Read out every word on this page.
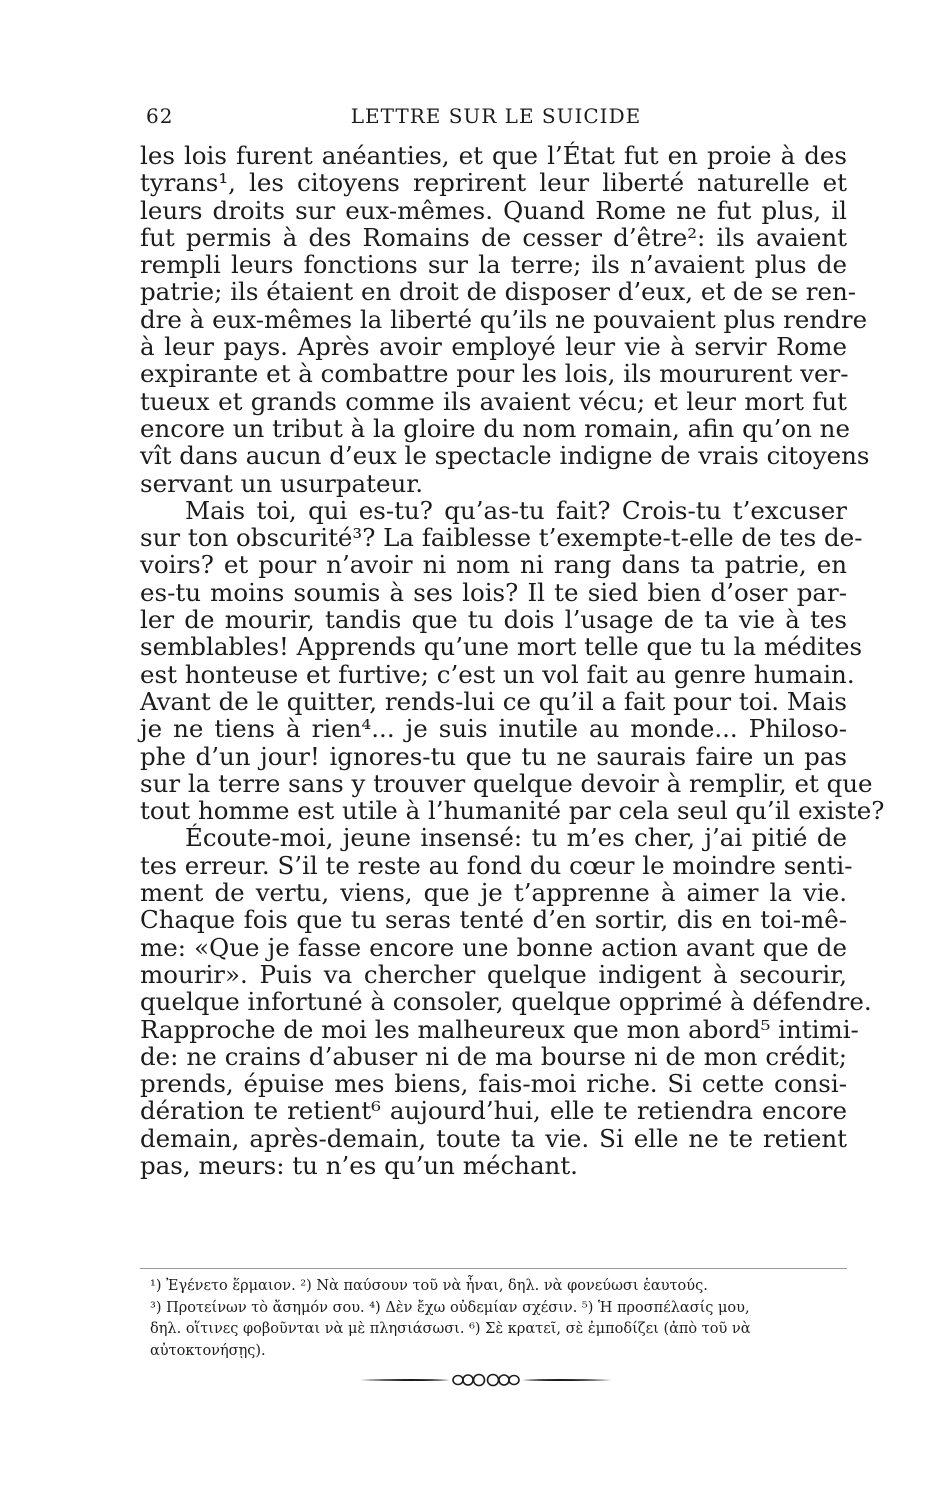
62	LETTRE SUR LE SUICIDE
les lois furent anéanties, et que l’État fut en proie à des
tyrans¹, les citoyens reprirent leur liberté naturelle et
leurs droits sur eux-mêmes. Quand Rome ne fut plus, il
fut permis à des Romains de cesser d’être²: ils avaient
rempli leurs fonctions sur la terre; ils n’avaient plus de
patrie; ils étaient en droit de disposer d’eux, et de se ren-
dre à eux-mêmes la liberté qu’ils ne pouvaient plus rendre
à leur pays. Après avoir employé leur vie à servir Rome
expirante et à combattre pour les lois, ils moururent ver-
tueux et grands comme ils avaient vécu; et leur mort fut
encore un tribut à la gloire du nom romain, afin qu’on ne
vît dans aucun d’eux le spectacle indigne de vrais citoyens
servant un usurpateur.
Mais toi, qui es-tu? qu’as-tu fait? Crois-tu t’excuser
sur ton obscurité³? La faiblesse t’exempte-t-elle de tes de-
voirs? et pour n’avoir ni nom ni rang dans ta patrie, en
es-tu moins soumis à ses lois? Il te sied bien d’oser par-
ler de mourir, tandis que tu dois l’usage de ta vie à tes
semblables! Apprends qu’une mort telle que tu la médites
est honteuse et furtive; c’est un vol fait au genre humain.
Avant de le quitter, rends-lui ce qu’il a fait pour toi. Mais
je ne tiens à rien⁴... je suis inutile au monde... Philoso-
phe d’un jour! ignores-tu que tu ne saurais faire un pas
sur la terre sans y trouver quelque devoir à remplir, et que
tout homme est utile à l’humanité par cela seul qu’il existe?
Écoute-moi, jeune insensé: tu m’es cher, j’ai pitié de
tes erreur. S’il te reste au fond du cœur le moindre senti-
ment de vertu, viens, que je t’apprenne à aimer la vie.
Chaque fois que tu seras tenté d’en sortir, dis en toi-mê-
me: «Que je fasse encore une bonne action avant que de
mourir». Puis va chercher quelque indigent à secourir,
quelque infortuné à consoler, quelque opprimé à défendre.
Rapproche de moi les malheureux que mon abord⁵ intimi-
de: ne crains d’abuser ni de ma bourse ni de mon crédit;
prends, épuise mes biens, fais-moi riche. Si cette consi-
dération te retient⁶ aujourd’hui, elle te retiendra encore
demain, après-demain, toute ta vie. Si elle ne te retient
pas, meurs: tu n’es qu’un méchant.
¹) Ἐγένετο ἕρμαιον. ²) Νὰ παύσουν τοῦ νὰ ἦναι, δηλ. νὰ φονεύωσι ἑαυτούς.
³) Προτείνων τὸ ἄσημόν σου. ⁴) Δὲν ἔχω οὐδεμίαν σχέσιν. ⁵) Ἡ προσπέλασίς μου,
δηλ. οἵτινες φοβοῦνται νὰ μὲ πλησιάσωσι. ⁶) Σὲ κρατεῖ, σὲ ἐμποδίζει (ἀπὸ τοῦ νὰ
αὐτοκτονήσῃς).
